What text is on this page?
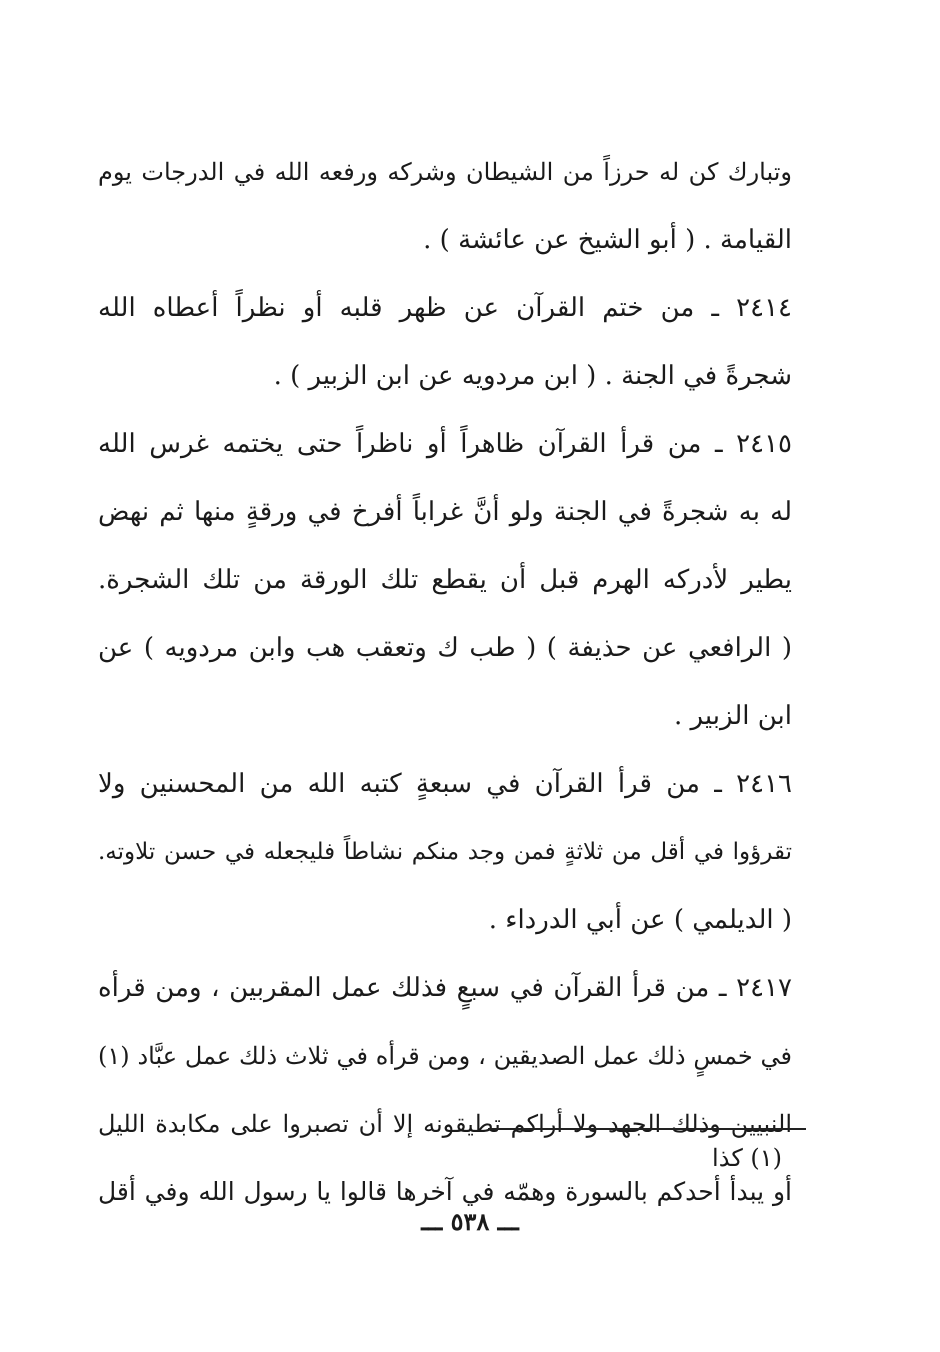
وتبارك كن له حرزاً من الشيطان وشركه ورفعه الله في الدرجات يوم
القيامة . ( أبو الشيخ عن عائشة ) .
٢٤١٤ ـ من ختم القرآن عن ظهر قلبه أو نظراً أعطاه الله
شجرةً في الجنة . ( ابن مردويه عن ابن الزبير ) .
٢٤١٥ ـ من قرأ القرآن ظاهراً أو ناظراً حتى يختمه غرس الله
له به شجرةً في الجنة ولو أنَّ غراباً أفرخ في ورقةٍ منها ثم نهض
يطير لأدركه الهرم قبل أن يقطع تلك الورقة من تلك الشجرة.
( الرافعي عن حذيفة ) ( طب ك وتعقب هب وابن مردويه ) عن
ابن الزبير .
٢٤١٦ ـ من قرأ القرآن في سبعةٍ كتبه الله من المحسنين ولا
تقرؤوا في أقل من ثلاثةٍ فمن وجد منكم نشاطاً فليجعله في حسن تلاوته.
( الديلمي ) عن أبي الدرداء .
٢٤١٧ ـ من قرأ القرآن في سبعٍ فذلك عمل المقربين ، ومن قرأه
في خمسٍ ذلك عمل الصديقين ، ومن قرأه في ثلاث ذلك عمل عبَّاد (١)
النبيين وذلك الجهد ولا أراكم تطيقونه إلا أن تصبروا على مكابدة الليل
أو يبدأ أحدكم بالسورة وهمّه في آخرها قالوا يا رسول الله وفي أقل
(١) كذا
ـــ ٥٣٨ ـــ
